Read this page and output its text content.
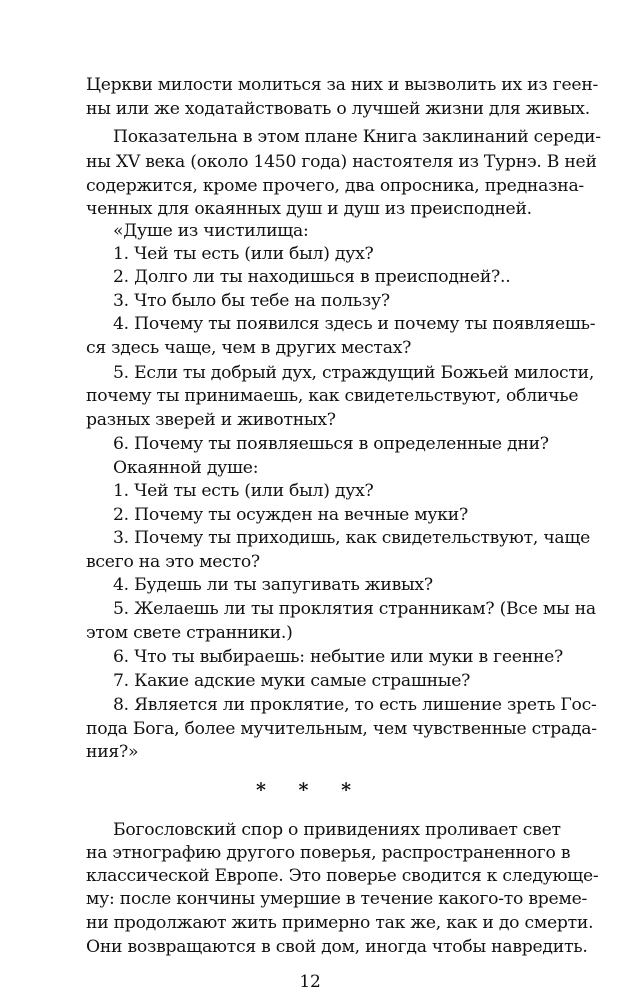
Церкви милости молиться за них и вызволить их из геен-
ны или же ходатайствовать о лучшей жизни для живых.
Показательна в этом плане Книга заклинаний середи-
ны XV века (около 1450 года) настоятеля из Турнэ. В ней
содержится, кроме прочего, два опросника, предназна-
ченных для окаянных душ и душ из преисподней.
«Душе из чистилища:
1. Чей ты есть (или был) дух?
2. Долго ли ты находишься в преисподней?..
3. Что было бы тебе на пользу?
4. Почему ты появился здесь и почему ты появляешь-
ся здесь чаще, чем в других местах?
5. Если ты добрый дух, страждущий Божьей милости,
почему ты принимаешь, как свидетельствуют, обличье
разных зверей и животных?
6. Почему ты появляешься в определенные дни?
Окаянной душе:
1. Чей ты есть (или был) дух?
2. Почему ты осужден на вечные муки?
3. Почему ты приходишь, как свидетельствуют, чаще
всего на это место?
4. Будешь ли ты запугивать живых?
5. Желаешь ли ты проклятия странникам? (Все мы на
этом свете странники.)
6. Что ты выбираешь: небытие или муки в геенне?
7. Какие адские муки самые страшные?
8. Является ли проклятие, то есть лишение зреть Гос-
пода Бога, более мучительным, чем чувственные страда-
ния?»
* * *
Богословский спор о привидениях проливает свет
на этнографию другого поверья, распространенного в
классической Европе. Это поверье сводится к следующе-
му: после кончины умершие в течение какого-то време-
ни продолжают жить примерно так же, как и до смерти.
Они возвращаются в свой дом, иногда чтобы навредить.
12
